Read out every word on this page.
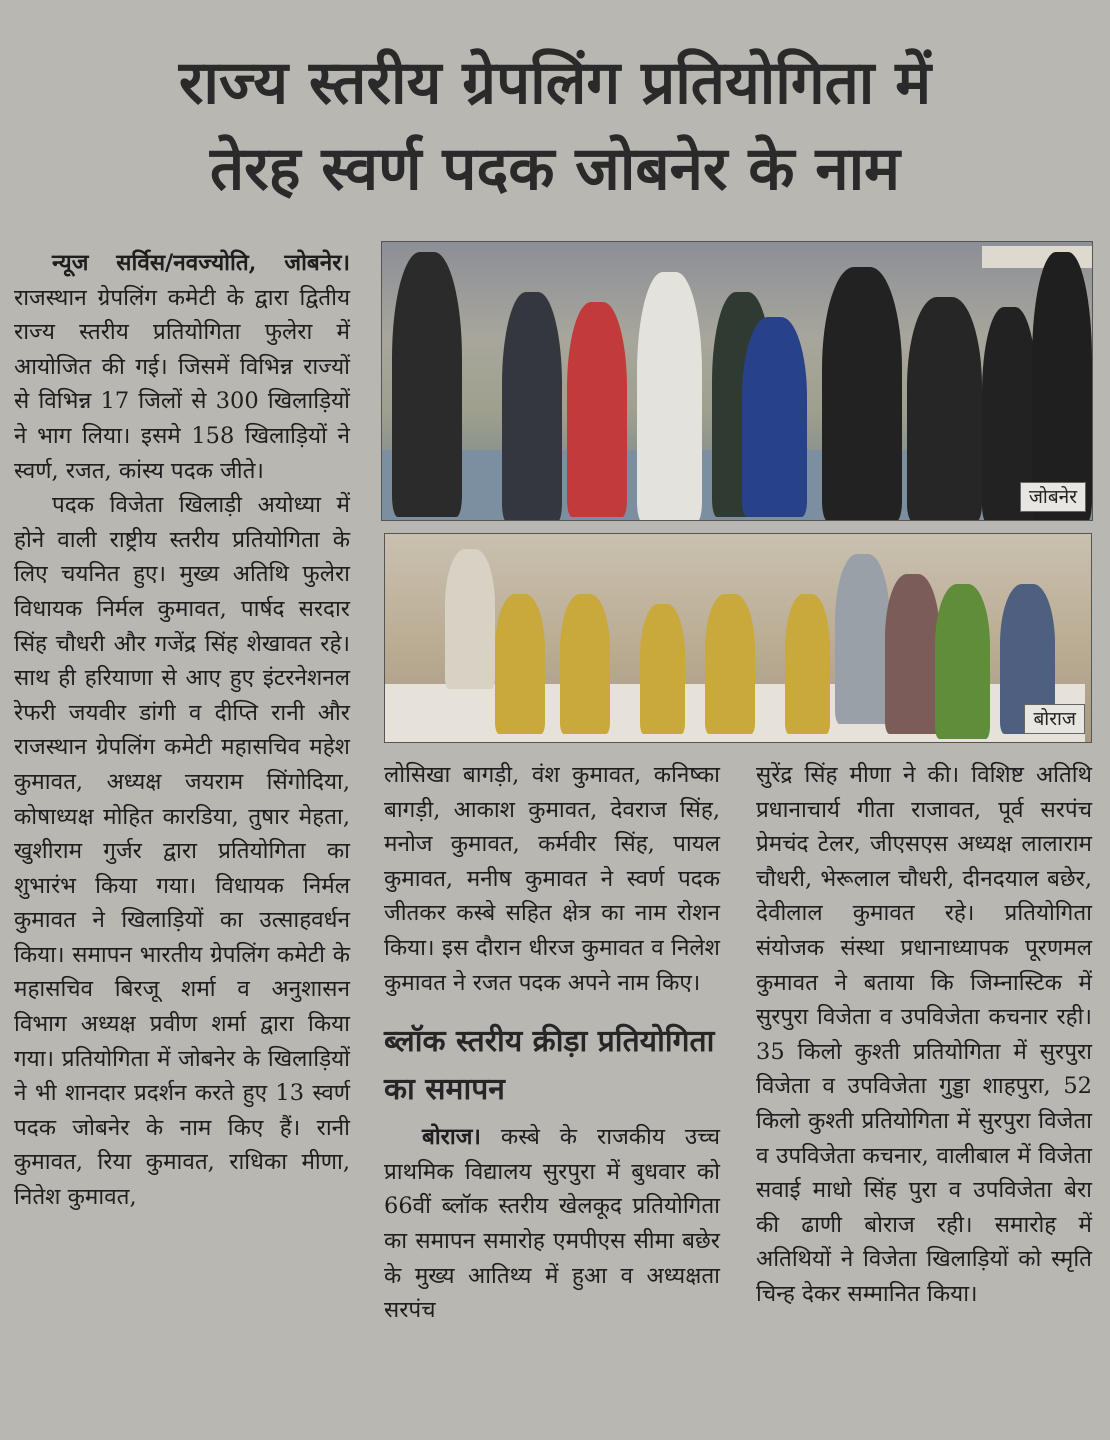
राज्य स्तरीय ग्रेपलिंग प्रतियोगिता में
तेरह स्वर्ण पदक जोबनेर के नाम

न्यूज सर्विस/नवज्योति, जोबनेर। राजस्थान ग्रेपलिंग कमेटी के द्वारा द्वितीय राज्य स्तरीय प्रतियोगिता फुलेरा में आयोजित की गई। जिसमें विभिन्न राज्यों से विभिन्न 17 जिलों से 300 खिलाड़ियों ने भाग लिया। इसमे 158 खिलाड़ियों ने स्वर्ण, रजत, कांस्य पदक जीते।

पदक विजेता खिलाड़ी अयोध्या में होने वाली राष्ट्रीय स्तरीय प्रतियोगिता के लिए चयनित हुए। मुख्य अतिथि फुलेरा विधायक निर्मल कुमावत, पार्षद सरदार सिंह चौधरी और गजेंद्र सिंह शेखावत रहे। साथ ही हरियाणा से आए हुए इंटरनेशनल रेफरी जयवीर डांगी व दीप्ति रानी और राजस्थान ग्रेपलिंग कमेटी महासचिव महेश कुमावत, अध्यक्ष जयराम सिंगोदिया, कोषाध्यक्ष मोहित कारडिया, तुषार मेहता, खुशीराम गुर्जर द्वारा प्रतियोगिता का शुभारंभ किया गया। विधायक निर्मल कुमावत ने खिलाड़ियों का उत्साहवर्धन किया। समापन भारतीय ग्रेपलिंग कमेटी के महासचिव बिरजू शर्मा व अनुशासन विभाग अध्यक्ष प्रवीण शर्मा द्वारा किया गया। प्रतियोगिता में जोबनेर के खिलाड़ियों ने भी शानदार प्रदर्शन करते हुए 13 स्वर्ण पदक जोबनेर के नाम किए हैं। रानी कुमावत, रिया कुमावत, राधिका मीणा, नितेश कुमावत,

जोबनेर
बोराज

लोसिखा बागड़ी, वंश कुमावत, कनिष्का बागड़ी, आकाश कुमावत, देवराज सिंह, मनोज कुमावत, कर्मवीर सिंह, पायल कुमावत, मनीष कुमावत ने स्वर्ण पदक जीतकर कस्बे सहित क्षेत्र का नाम रोशन किया। इस दौरान धीरज कुमावत व निलेश कुमावत ने रजत पदक अपने नाम किए।

ब्लॉक स्तरीय क्रीड़ा प्रतियोगिता का समापन

बोराज। कस्बे के राजकीय उच्च प्राथमिक विद्यालय सुरपुरा में बुधवार को 66वीं ब्लॉक स्तरीय खेलकूद प्रतियोगिता का समापन समारोह एमपीएस सीमा बछेर के मुख्य आतिथ्य में हुआ व अध्यक्षता सरपंच

सुरेंद्र सिंह मीणा ने की। विशिष्ट अतिथि प्रधानाचार्य गीता राजावत, पूर्व सरपंच प्रेमचंद टेलर, जीएसएस अध्यक्ष लालाराम चौधरी, भेरूलाल चौधरी, दीनदयाल बछेर, देवीलाल कुमावत रहे। प्रतियोगिता संयोजक संस्था प्रधानाध्यापक पूरणमल कुमावत ने बताया कि जिम्नास्टिक में सुरपुरा विजेता व उपविजेता कचनार रही। 35 किलो कुश्ती प्रतियोगिता में सुरपुरा विजेता व उपविजेता गुड्डा शाहपुरा, 52 किलो कुश्ती प्रतियोगिता में सुरपुरा विजेता व उपविजेता कचनार, वालीबाल में विजेता सवाई माधो सिंह पुरा व उपविजेता बेरा की ढाणी बोराज रही। समारोह में अतिथियों ने विजेता खिलाड़ियों को स्मृति चिन्ह देकर सम्मानित किया।
